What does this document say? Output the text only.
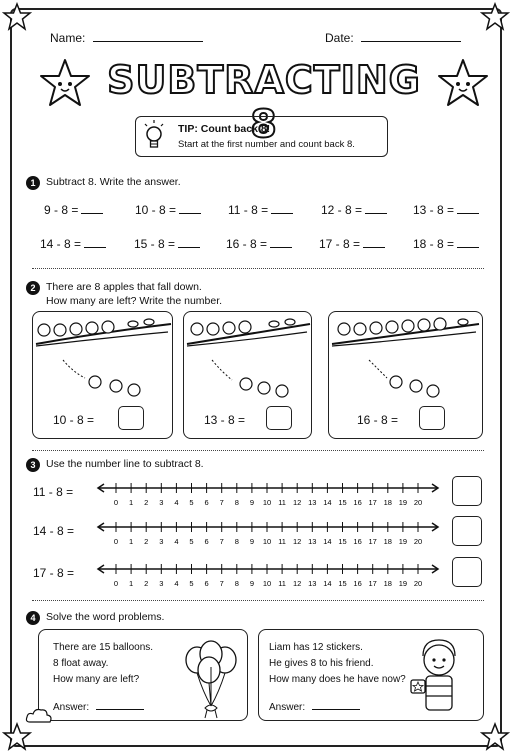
Name:	Date:
SUBTRACTING 8
TIP: Count back 8!
Start at the first number and count back 8.
1	Subtract 8. Write the answer.
9 - 8 =	10 - 8 =	11 - 8 =	12 - 8 =	13 - 8 =
14 - 8 =	15 - 8 =	16 - 8 =	17 - 8 =	18 - 8 =
2	There are 8 apples that fall down.
How many are left? Write the number.
10 - 8 =	13 - 8 =	16 - 8 =
3	Use the number line to subtract 8.
11 - 8 =
0 1 2 3 4 5 6 7 8 9 10 11 12 13 14 15 16 17 18 19 20
14 - 8 =
0 1 2 3 4 5 6 7 8 9 10 11 12 13 14 15 16 17 18 19 20
17 - 8 =
0 1 2 3 4 5 6 7 8 9 10 11 12 13 14 15 16 17 18 19 20
4	Solve the word problems.
There are 15 balloons.
8 float away.
How many are left?
Answer:
Liam has 12 stickers.
He gives 8 to his friend.
How many does he have now?
Answer:
